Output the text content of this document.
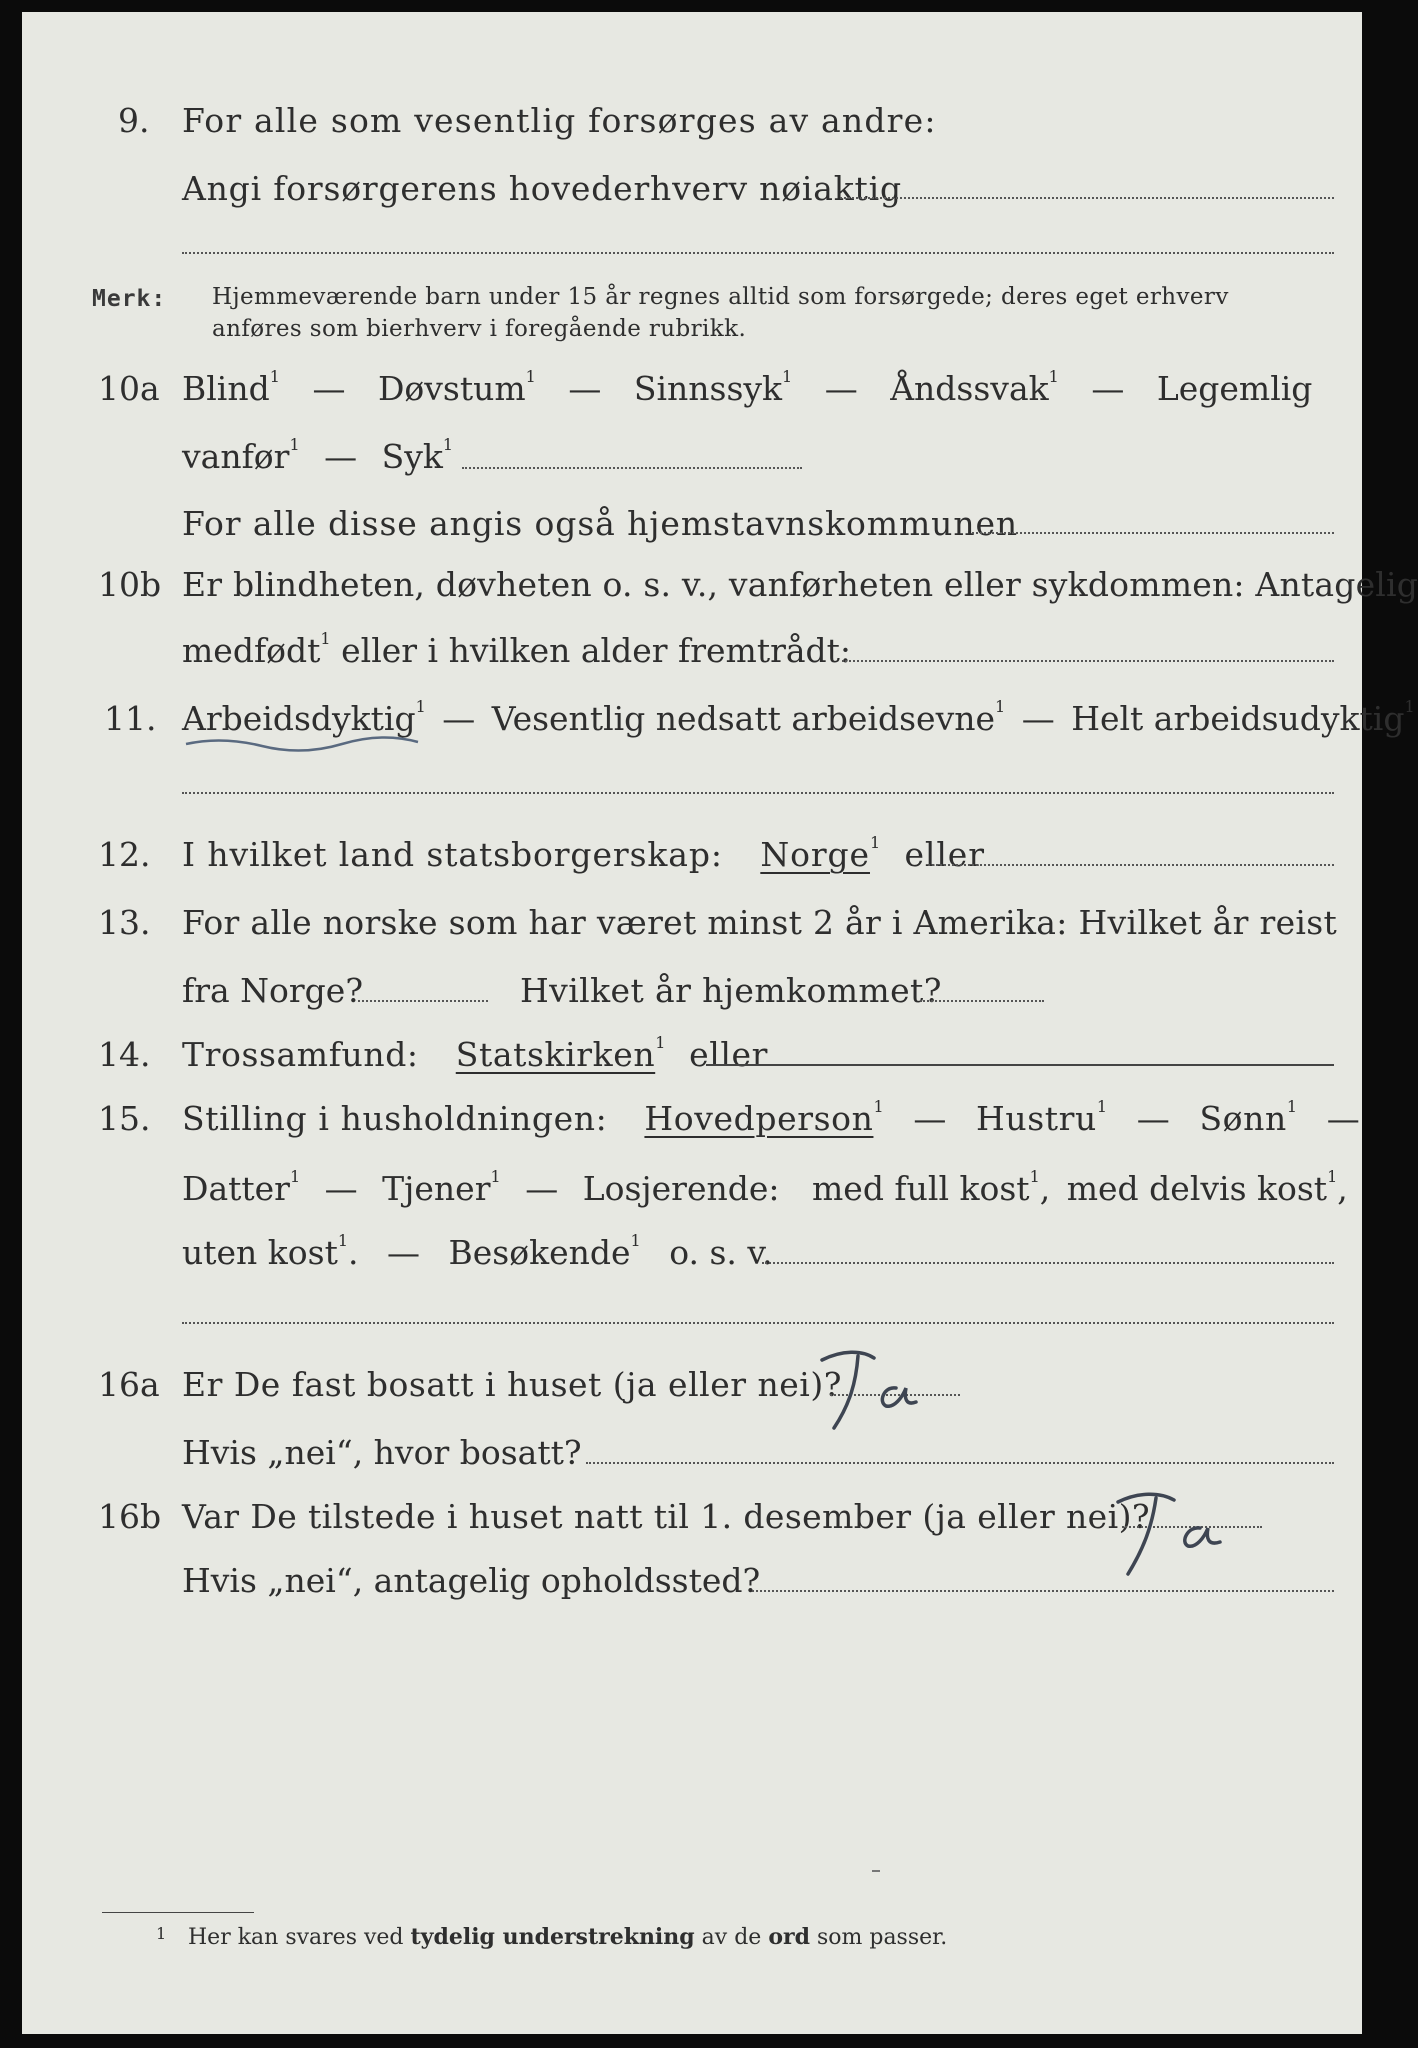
9. For alle som vesentlig forsørges av andre:
Angi forsørgerens hovederhverv nøiaktig
Merk: Hjemmeværende barn under 15 år regnes alltid som forsørgede; deres eget erhverv
anføres som bierhverv i foregående rubrikk.
10a Blind$^1$ — Døvstum$^1$ — Sinnssyk$^1$ — Åndssvak$^1$ — Legemlig
vanfør$^1$ — Syk$^1$
For alle disse angis også hjemstavnskommunen
10b Er blindheten, døvheten o. s. v., vanførheten eller sykdommen: Antagelig
medfødt$^1$ eller i hvilken alder fremtrådt:
11. Arbeidsdyktig$^1$ — Vesentlig nedsatt arbeidsevne$^1$ — Helt arbeidsudyktig$^1$
12. I hvilket land statsborgerskap: Norge$^1$ eller
13. For alle norske som har været minst 2 år i Amerika: Hvilket år reist
fra Norge?	Hvilket år hjemkommet?
14. Trossamfund: Statskirken$^1$ eller
15. Stilling i husholdningen: Hovedperson$^1$ — Hustru$^1$ — Sønn$^1$ —
Datter$^1$ — Tjener$^1$ — Losjerende: med full kost$^1$, med delvis kost$^1$,
uten kost$^1$. — Besøkende$^1$ o. s. v.
16a Er De fast bosatt i huset (ja eller nei)?
Hvis „nei“, hvor bosatt?
16b Var De tilstede i huset natt til 1. desember (ja eller nei)?
Hvis „nei“, antagelig opholdssted?
1 Her kan svares ved tydelig understrekning av de ord som passer.
